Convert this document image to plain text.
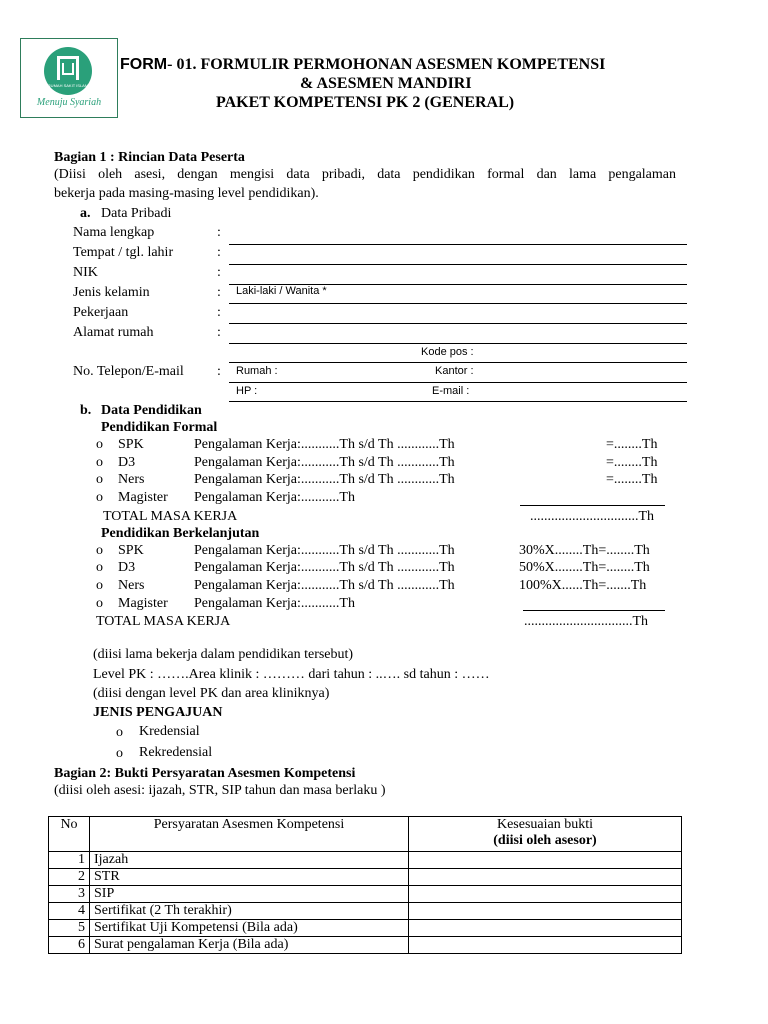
RUMAH SAKIT ISLAM
Menuju Syariah
FORM- 01. FORMULIR PERMOHONAN ASESMEN KOMPETENSI
& ASESMEN MANDIRI
PAKET KOMPETENSI PK 2 (GENERAL)
Bagian 1 : Rincian Data Peserta
(Diisi oleh asesi, dengan mengisi data pribadi, data pendidikan formal dan lama pengalaman
bekerja pada masing-masing level pendidikan).
a. Data Pribadi
Nama lengkap	:
Tempat / tgl. lahir	:
NIK	:
Jenis kelamin	: Laki-laki / Wanita *
Pekerjaan	:
Alamat rumah	:
Kode pos :
No. Telepon/E-mail : Rumah :	Kantor :
HP :	E-mail :
b. Data Pendidikan
Pendidikan Formal
o SPK	Pengalaman Kerja:...........Th s/d Th ............Th	=........Th
o D3	Pengalaman Kerja:...........Th s/d Th ............Th	=........Th
o Ners	Pengalaman Kerja:...........Th s/d Th ............Th	=........Th
o Magister Pengalaman Kerja:...........Th
TOTAL MASA KERJA	...............................Th
Pendidikan Berkelanjutan
o SPK	Pengalaman Kerja:...........Th s/d Th ............Th	30%X........Th=........Th
o D3	Pengalaman Kerja:...........Th s/d Th ............Th	50%X........Th=........Th
o Ners	Pengalaman Kerja:...........Th s/d Th ............Th	100%X......Th=.......Th
o Magister Pengalaman Kerja:...........Th
TOTAL MASA KERJA	...............................Th
(diisi lama bekerja dalam pendidikan tersebut)
Level PK : …….Area klinik : ……… dari tahun : ..…. sd tahun : ……
(diisi dengan level PK dan area kliniknya)
JENIS PENGAJUAN
o Kredensial
o Rekredensial
Bagian 2: Bukti Persyaratan Asesmen Kompetensi
(diisi oleh asesi: ijazah, STR, SIP tahun dan masa berlaku )
No	Persyaratan Asesmen Kompetensi	Kesesuaian bukti
(diisi oleh asesor)

1	Ijazah	
2	STR	
3	SIP	
4	Sertifikat (2 Th terakhir)	
5	Sertifikat Uji Kompetensi (Bila ada)	
6	Surat pengalaman Kerja (Bila ada)	
